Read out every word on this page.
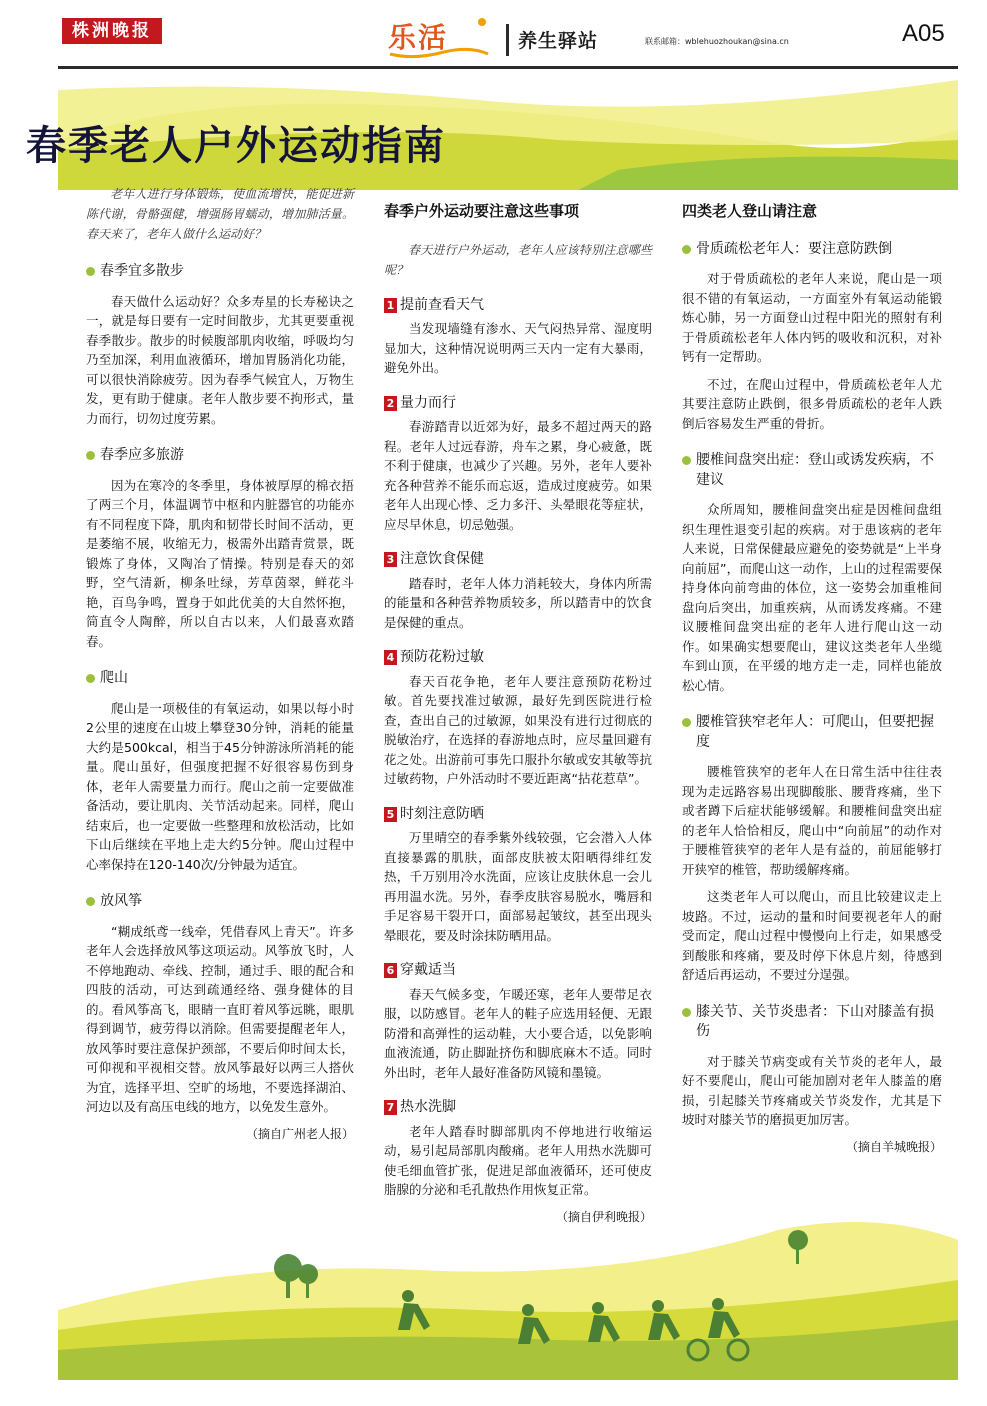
株洲晚报	乐活	养生驿站	联系邮箱：wblehuozhoukan@sina.cn	A05
春季老人户外运动指南

老年人进行身体锻炼，使血流增快，能促进新陈代谢，骨骼强健，增强肠胃蠕动，增加肺活量。春天来了，老年人做什么运动好？

春季宜多散步

春天做什么运动好？众多寿星的长寿秘诀之一，就是每日要有一定时间散步，尤其更要重视春季散步。散步的时候腹部肌肉收缩，呼吸均匀乃至加深，利用血液循环，增加胃肠消化功能，可以很快消除疲劳。因为春季气候宜人，万物生发，更有助于健康。老年人散步要不拘形式，量力而行，切勿过度劳累。

春季应多旅游

因为在寒冷的冬季里，身体被厚厚的棉衣捂了两三个月，体温调节中枢和内脏器官的功能亦有不同程度下降，肌肉和韧带长时间不活动，更是萎缩不展，收缩无力，极需外出踏青赏景，既锻炼了身体，又陶冶了情操。特别是春天的郊野，空气清新，柳条吐绿，芳草茵翠，鲜花斗艳，百鸟争鸣，置身于如此优美的大自然怀抱，简直令人陶醉，所以自古以来，人们最喜欢踏春。

爬山

爬山是一项极佳的有氧运动，如果以每小时2公里的速度在山坡上攀登30分钟，消耗的能量大约是500kcal，相当于45分钟游泳所消耗的能量。爬山虽好，但强度把握不好很容易伤到身体，老年人需要量力而行。爬山之前一定要做准备活动，要让肌肉、关节活动起来。同样，爬山结束后，也一定要做一些整理和放松活动，比如下山后继续在平地上走大约5分钟。爬山过程中心率保持在120-140次/分钟最为适宜。

放风筝

“糊成纸鸢一线牵，凭借春风上青天”。许多老年人会选择放风筝这项运动。风筝放飞时，人不停地跑动、牵线、控制，通过手、眼的配合和四肢的活动，可达到疏通经络、强身健体的目的。看风筝高飞，眼睛一直盯着风筝远眺，眼肌得到调节，疲劳得以消除。但需要提醒老年人，放风筝时要注意保护颈部，不要后仰时间太长，可仰视和平视相交替。放风筝最好以两三人搭伙为宜，选择平坦、空旷的场地，不要选择湖泊、河边以及有高压电线的地方，以免发生意外。

（摘自广州老人报）
春季户外运动要注意这些事项

春天进行户外运动，老年人应该特别注意哪些呢？

1 提前查看天气

当发现墙缝有渗水、天气闷热异常、湿度明显加大，这种情况说明两三天内一定有大暴雨，避免外出。

2 量力而行

春游踏青以近郊为好，最多不超过两天的路程。老年人过远春游，舟车之累，身心疲惫，既不利于健康，也减少了兴趣。另外，老年人要补充各种营养不能乐而忘返，造成过度疲劳。如果老年人出现心悸、乏力多汗、头晕眼花等症状，应尽早休息，切忌勉强。

3 注意饮食保健

踏春时，老年人体力消耗较大，身体内所需的能量和各种营养物质较多，所以踏青中的饮食是保健的重点。

4 预防花粉过敏

春天百花争艳，老年人要注意预防花粉过敏。首先要找准过敏源，最好先到医院进行检查，查出自己的过敏源，如果没有进行过彻底的脱敏治疗，在选择的春游地点时，应尽量回避有花之处。出游前可事先口服扑尔敏或安其敏等抗过敏药物，户外活动时不要近距离“拈花惹草”。

5 时刻注意防晒

万里晴空的春季紫外线较强，它会潜入人体直接暴露的肌肤，面部皮肤被太阳晒得绯红发热，千万别用冷水洗面，应该让皮肤休息一会儿再用温水洗。另外，春季皮肤容易脱水，嘴唇和手足容易干裂开口，面部易起皱纹，甚至出现头晕眼花，要及时涂抹防晒用品。

6 穿戴适当

春天气候多变，乍暖还寒，老年人要带足衣服，以防感冒。老年人的鞋子应选用轻便、无跟防滑和高弹性的运动鞋，大小要合适，以免影响血液流通，防止脚趾挤伤和脚底麻木不适。同时外出时，老年人最好准备防风镜和墨镜。

7 热水洗脚

老年人踏春时脚部肌肉不停地进行收缩运动，易引起局部肌肉酸痛。老年人用热水洗脚可使毛细血管扩张，促进足部血液循环，还可使皮脂腺的分泌和毛孔散热作用恢复正常。

（摘自伊利晚报）
四类老人登山请注意
骨质疏松老年人：要注意防跌倒

对于骨质疏松的老年人来说，爬山是一项很不错的有氧运动，一方面室外有氧运动能锻炼心肺，另一方面登山过程中阳光的照射有利于骨质疏松老年人体内钙的吸收和沉积，对补钙有一定帮助。

不过，在爬山过程中，骨质疏松老年人尤其要注意防止跌倒，很多骨质疏松的老年人跌倒后容易发生严重的骨折。

腰椎间盘突出症：登山或诱发疾病，不建议

众所周知，腰椎间盘突出症是因椎间盘组织生理性退变引起的疾病。对于患该病的老年人来说，日常保健最应避免的姿势就是“上半身向前屈”，而爬山这一动作，上山的过程需要保持身体向前弯曲的体位，这一姿势会加重椎间盘向后突出，加重疾病，从而诱发疼痛。不建议腰椎间盘突出症的老年人进行爬山这一动作。如果确实想要爬山，建议这类老年人坐缆车到山顶，在平缓的地方走一走，同样也能放松心情。

腰椎管狭窄老年人：可爬山，但要把握度

腰椎管狭窄的老年人在日常生活中往往表现为走远路容易出现脚酸胀、腰背疼痛，坐下或者蹲下后症状能够缓解。和腰椎间盘突出症的老年人恰恰相反，爬山中“向前屈”的动作对于腰椎管狭窄的老年人是有益的，前屈能够打开狭窄的椎管，帮助缓解疼痛。

这类老年人可以爬山，而且比较建议走上坡路。不过，运动的量和时间要视老年人的耐受而定，爬山过程中慢慢向上行走，如果感受到酸胀和疼痛，要及时停下休息片刻，待感到舒适后再运动，不要过分逞强。

膝关节、关节炎患者：下山对膝盖有损伤

对于膝关节病变或有关节炎的老年人，最好不要爬山，爬山可能加剧对老年人膝盖的磨损，引起膝关节疼痛或关节炎发作，尤其是下坡时对膝关节的磨损更加厉害。

（摘自羊城晚报）
